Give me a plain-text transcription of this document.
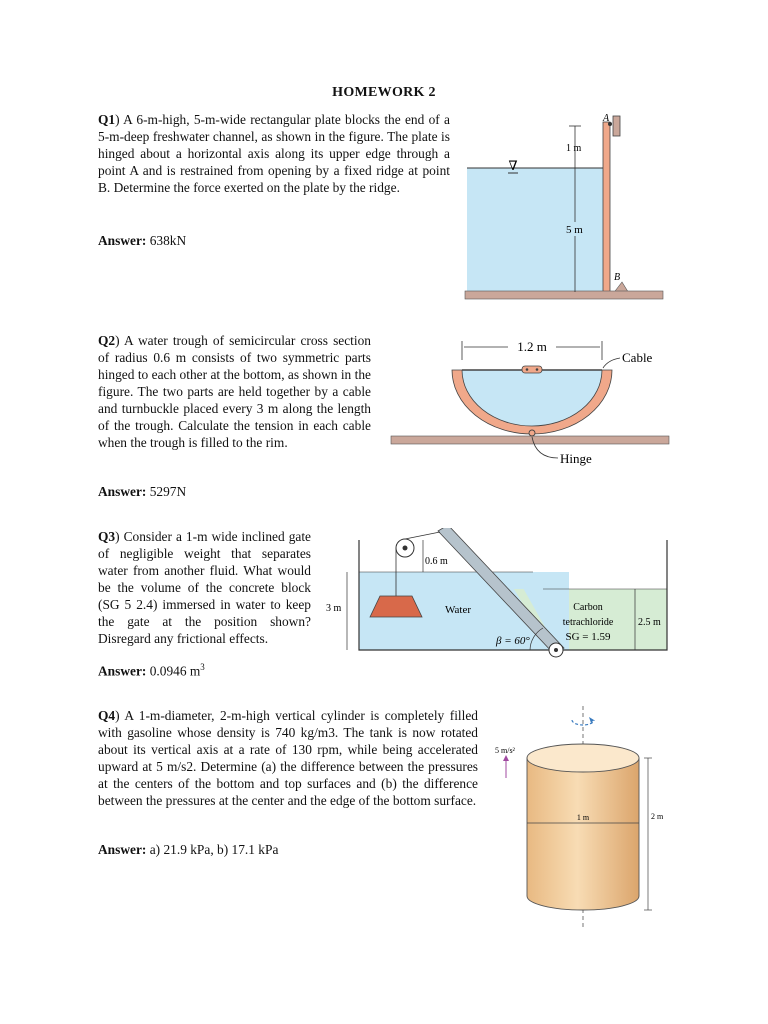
HOMEWORK 2
Q1) A 6-m-high, 5-m-wide rectangular plate blocks the end of a 5-m-deep freshwater channel, as shown in the figure. The plate is hinged about a horizontal axis along its upper edge through a point A and is restrained from opening by a fixed ridge at point B. Determine the force exerted on the plate by the ridge.
Answer: 638kN
∇
A
B
1 m
5 m
Q2) A water trough of semicircular cross section of radius 0.6 m consists of two symmetric parts hinged to each other at the bottom, as shown in the figure. The two parts are held together by a cable and turnbuckle placed every 3 m along the length of the trough. Calculate the tension in each cable when the trough is filled to the rim.
Answer: 5297N
1.2 m
Cable
Hinge
Q3) Consider a 1-m wide inclined gate of negligible weight that separates water from another fluid. What would be the volume of the concrete block (SG 5 2.4) immersed in water to keep the gate at the position shown? Disregard any frictional effects.
Answer: 0.0946 $m^3$
0.6 m
3 m	Water	Carbon
tetrachloride
SG = 1.59
2.5 m
β = 60°
Q4) A 1-m-diameter, 2-m-high vertical cylinder is completely filled with gasoline whose density is 740 kg/m3. The tank is now rotated about its vertical axis at a rate of 130 rpm, while being accelerated upward at 5 m/s2. Determine (a) the difference between the pressures at the centers of the bottom and top surfaces and (b) the difference between the pressures at the center and the edge of the bottom surface.
Answer: a) 21.9 kPa, b) 17.1 kPa
5 m/s²
1 m	2 m
